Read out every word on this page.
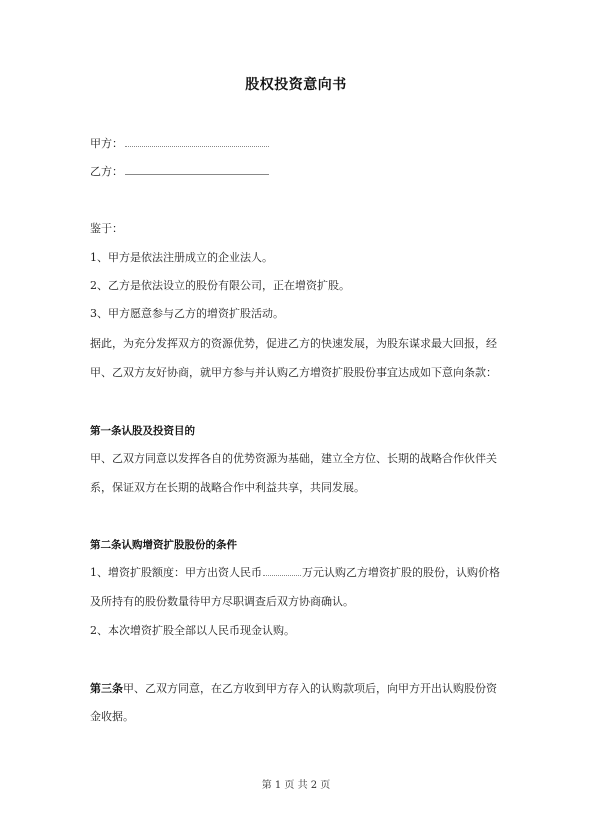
股权投资意向书
甲方：
乙方：
鉴于：
1、甲方是依法注册成立的企业法人。
2、乙方是依法设立的股份有限公司，正在增资扩股。
3、甲方愿意参与乙方的增资扩股活动。
据此，为充分发挥双方的资源优势，促进乙方的快速发展，为股东谋求最大回报，经
甲、乙双方友好协商，就甲方参与并认购乙方增资扩股股份事宜达成如下意向条款：
第一条认股及投资目的
甲、乙双方同意以发挥各自的优势资源为基础，建立全方位、长期的战略合作伙伴关
系，保证双方在长期的战略合作中利益共享，共同发展。
第二条认购增资扩股股份的条件
1、增资扩股额度：甲方出资人民币	万元认购乙方增资扩股的股份，认购价格
及所持有的股份数量待甲方尽职调查后双方协商确认。
2、本次增资扩股全部以人民币现金认购。
第三条甲、乙双方同意，在乙方收到甲方存入的认购款项后，向甲方开出认购股份资
金收据。
第 1 页 共 2 页
